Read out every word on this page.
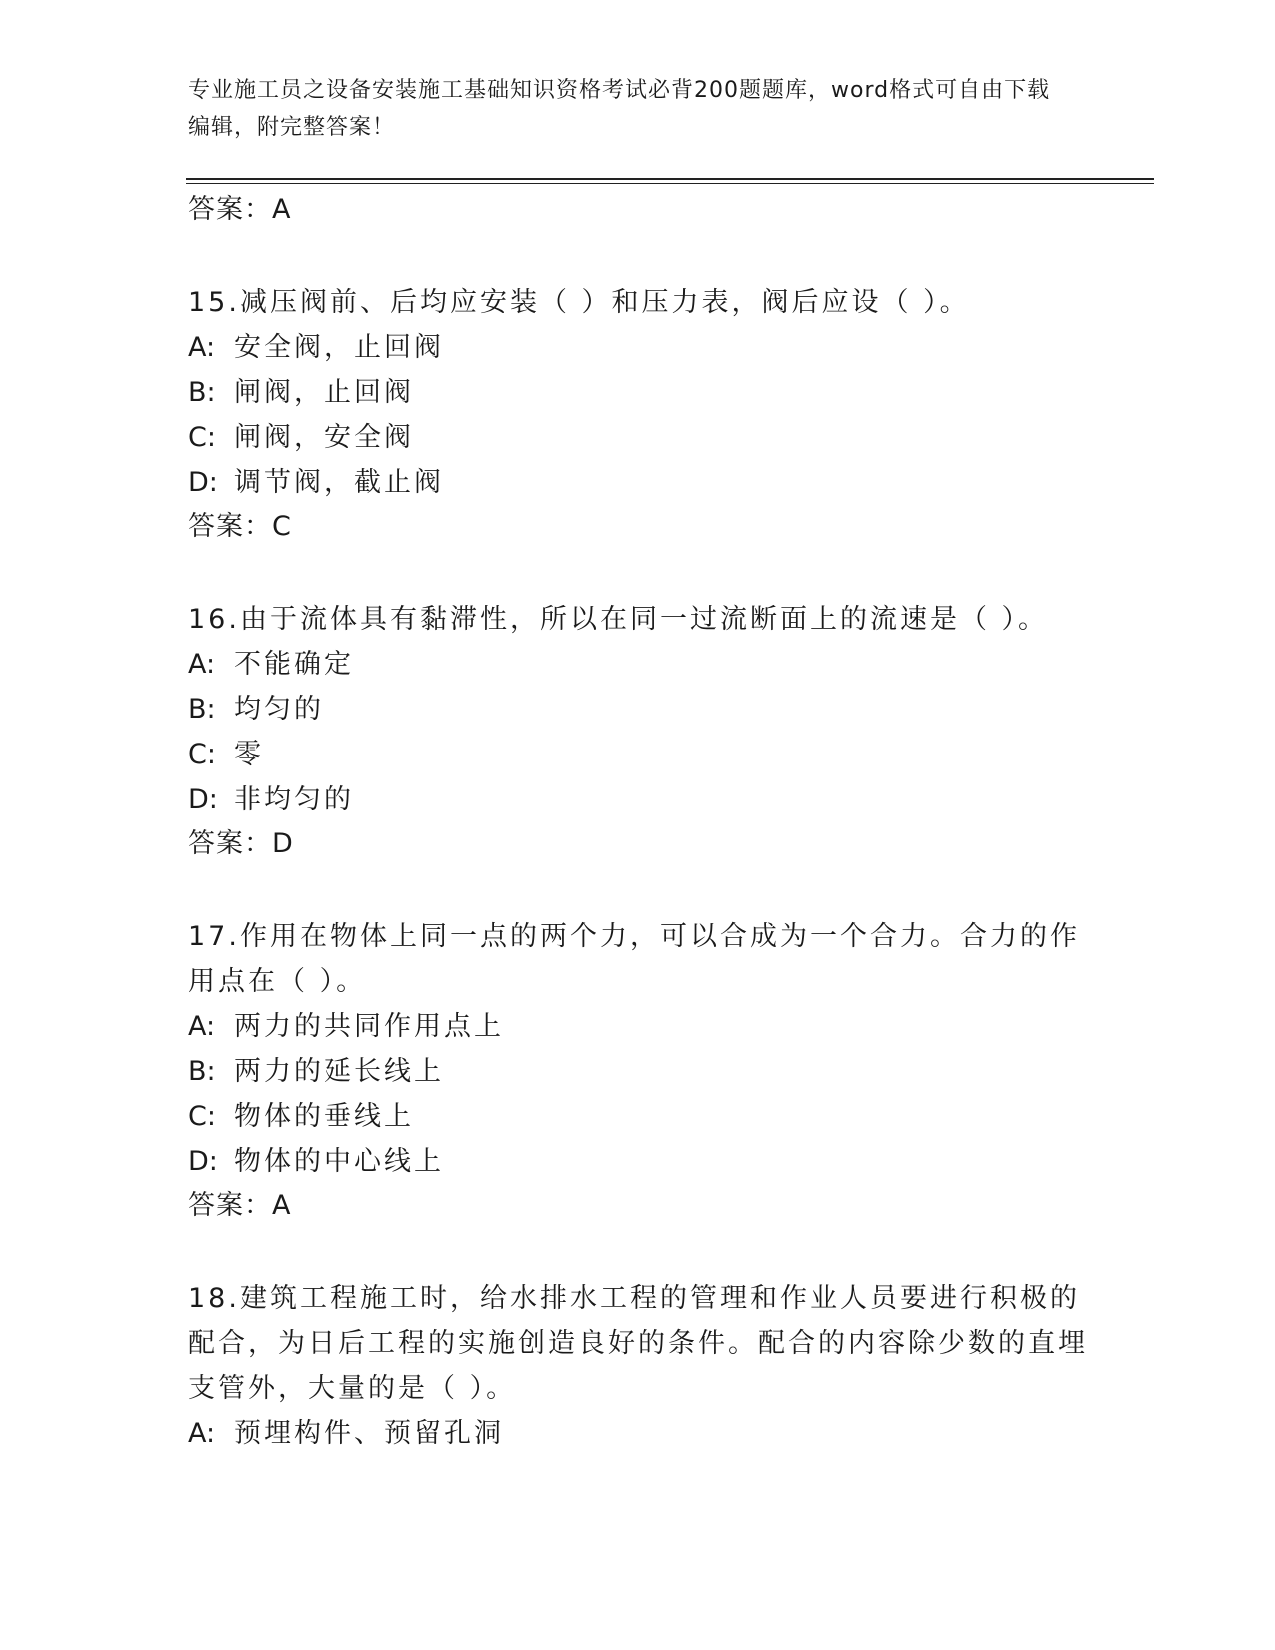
专业施工员之设备安装施工基础知识资格考试必背200题题库，word格式可自由下载编辑，附完整答案！
答案：A
15.减压阀前、后均应安装（ ）和压力表，阀后应设（ ）。
A: 安全阀，止回阀
B: 闸阀，止回阀
C: 闸阀，安全阀
D: 调节阀，截止阀
答案：C
16.由于流体具有黏滞性，所以在同一过流断面上的流速是（ ）。
A: 不能确定
B: 均匀的
C: 零
D: 非均匀的
答案：D
17.作用在物体上同一点的两个力，可以合成为一个合力。合力的作用点在（ ）。
A: 两力的共同作用点上
B: 两力的延长线上
C: 物体的垂线上
D: 物体的中心线上
答案：A
18.建筑工程施工时，给水排水工程的管理和作业人员要进行积极的配合，为日后工程的实施创造良好的条件。配合的内容除少数的直埋支管外，大量的是（ ）。
A: 预埋构件、预留孔洞
